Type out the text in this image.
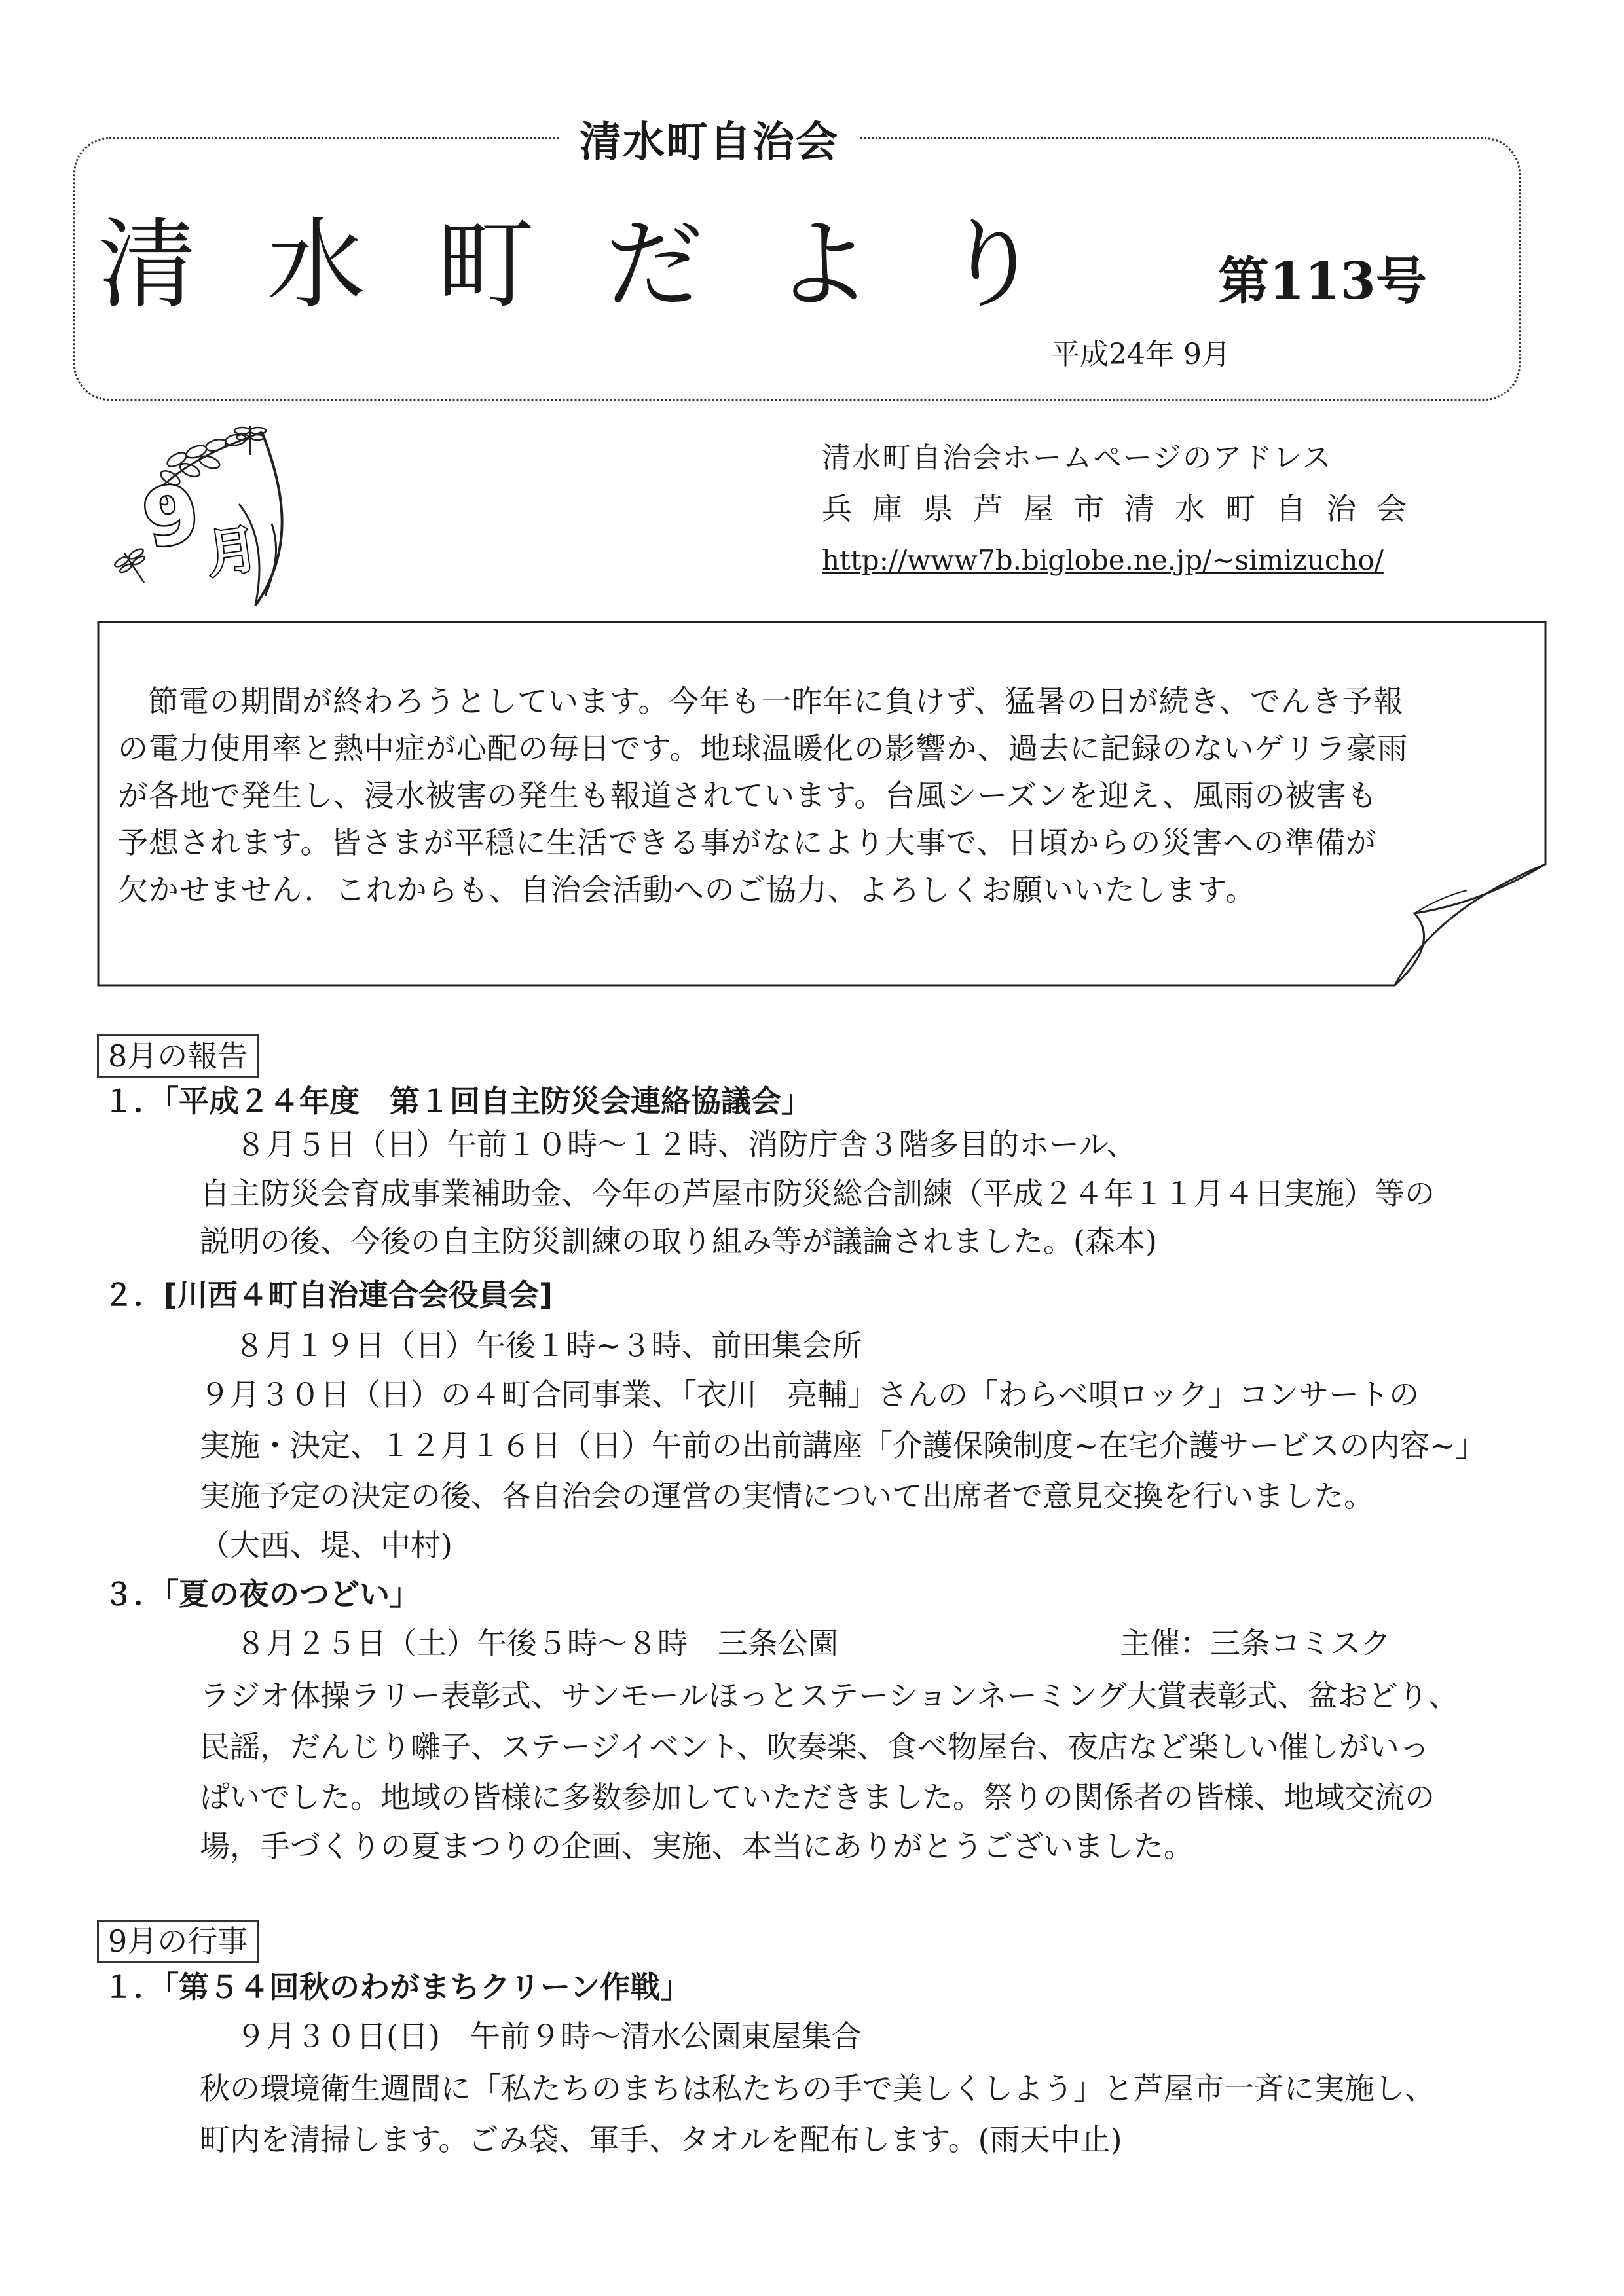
清水町自治会
清水町だより 第113号
平成24年 9月
9
月
清水町自治会ホームページのアドレス
兵庫県芦屋市清水町自治会
http://www7b.biglobe.ne.jp/~simizucho/

節電の期間が終わろうとしています。今年も一昨年に負けず、猛暑の日が続き、でんき予報

の電力使用率と熱中症が心配の毎日です。地球温暖化の影響か、過去に記録のないゲリラ豪雨

が各地で発生し、浸水被害の発生も報道されています。台風シーズンを迎え、風雨の被害も

予想されます。皆さまが平穏に生活できる事がなにより大事で、日頃からの災害への準備が

欠かせません．これからも、自治会活動へのご協力、よろしくお願いいたします。

8月の報告
１．「平成２４年度　第１回自主防災会連絡協議会」
８月５日（日）午前１０時～１２時、消防庁舎３階多目的ホール、
自主防災会育成事業補助金、今年の芦屋市防災総合訓練（平成２４年１１月４日実施）等の
説明の後、今後の自主防災訓練の取り組み等が議論されました。(森本)
２．[川西４町自治連合会役員会]
８月１９日（日）午後１時~３時、前田集会所
９月３０日（日）の４町合同事業、「衣川　亮輔」さんの「わらべ唄ロック」コンサートの
実施・決定、１２月１６日（日）午前の出前講座「介護保険制度~在宅介護サービスの内容~」
実施予定の決定の後、各自治会の運営の実情について出席者で意見交換を行いました。
（大西、堤、中村)
３．「夏の夜のつどい」
８月２５日（土）午後５時～８時　三条公園	主催：三条コミスク
ラジオ体操ラリー表彰式、サンモールほっとステーションネーミング大賞表彰式、盆おどり、
民謡，だんじり囃子、ステージイベント、吹奏楽、食べ物屋台、夜店など楽しい催しがいっ
ぱいでした。地域の皆様に多数参加していただきました。祭りの関係者の皆様、地域交流の
場，手づくりの夏まつりの企画、実施、本当にありがとうございました。
9月の行事
１．「第５４回秋のわがまちクリーン作戦」
９月３０日(日)　午前９時～清水公園東屋集合
秋の環境衛生週間に「私たちのまちは私たちの手で美しくしよう」と芦屋市一斉に実施し、
町内を清掃します。ごみ袋、軍手、タオルを配布します。(雨天中止)
